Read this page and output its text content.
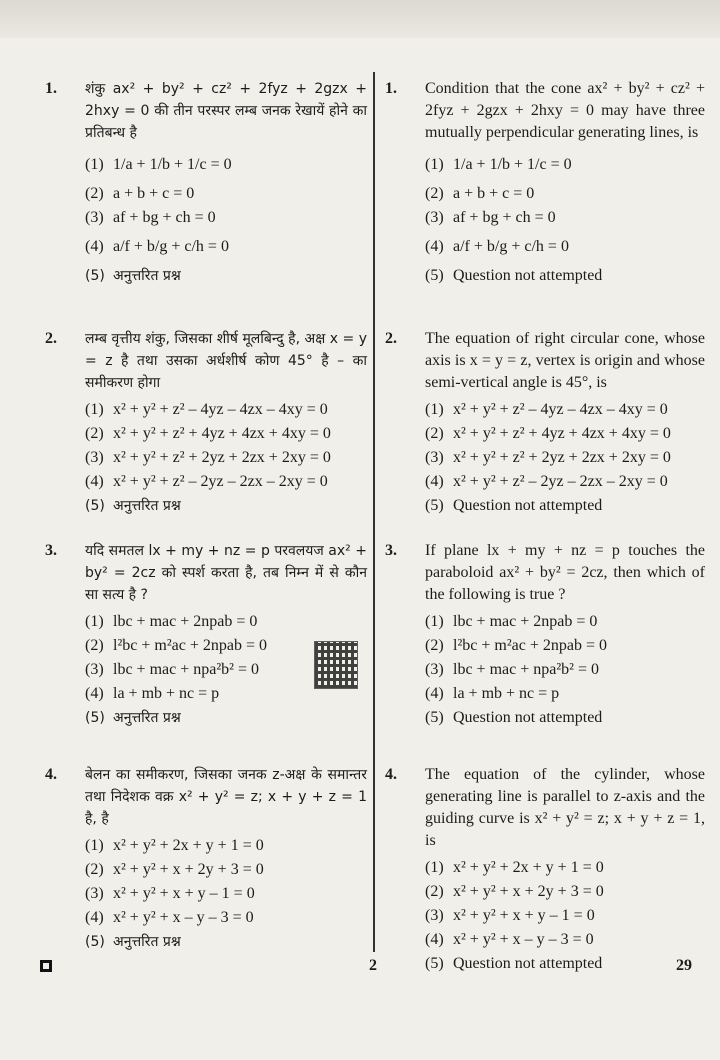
1.	शंकु ax² + by² + cz² + 2fyz + 2gzx + 2hxy = 0 की तीन परस्पर लम्ब जनक रेखायें होने का प्रतिबन्ध है
(1) 1/a + 1/b + 1/c = 0
(2) a + b + c = 0
(3) af + bg + ch = 0
(4) a/f + b/g + c/h = 0
(5) अनुत्तरित प्रश्न
2.	लम्ब वृत्तीय शंकु, जिसका शीर्ष मूलबिन्दु है, अक्ष x = y = z है तथा उसका अर्धशीर्ष कोण 45° है – का समीकरण होगा
(1) x² + y² + z² – 4yz – 4zx – 4xy = 0
(2) x² + y² + z² + 4yz + 4zx + 4xy = 0
(3) x² + y² + z² + 2yz + 2zx + 2xy = 0
(4) x² + y² + z² – 2yz – 2zx – 2xy = 0
(5) अनुत्तरित प्रश्न
3.	यदि समतल lx + my + nz = p परवलयज ax² + by² = 2cz को स्पर्श करता है, तब निम्न में से कौन सा सत्य है ?
(1) lbc + mac + 2npab = 0
(2) l²bc + m²ac + 2npab = 0
(3) lbc + mac + npa²b² = 0
(4) la + mb + nc = p
(5) अनुत्तरित प्रश्न
4.	बेलन का समीकरण, जिसका जनक z-अक्ष के समान्तर तथा निदेशक वक्र x² + y² = z; x + y + z = 1 है, है
(1) x² + y² + 2x + y + 1 = 0
(2) x² + y² + x + 2y + 3 = 0
(3) x² + y² + x + y – 1 = 0
(4) x² + y² + x – y – 3 = 0
(5) अनुत्तरित प्रश्न
1.	Condition that the cone ax² + by² + cz² + 2fyz + 2gzx + 2hxy = 0 may have three mutually perpendicular generating lines, is
(1) 1/a + 1/b + 1/c = 0
(2) a + b + c = 0
(3) af + bg + ch = 0
(4) a/f + b/g + c/h = 0
(5) Question not attempted
2.	The equation of right circular cone, whose axis is x = y = z, vertex is origin and whose semi-vertical angle is 45°, is
(1) x² + y² + z² – 4yz – 4zx – 4xy = 0
(2) x² + y² + z² + 4yz + 4zx + 4xy = 0
(3) x² + y² + z² + 2yz + 2zx + 2xy = 0
(4) x² + y² + z² – 2yz – 2zx – 2xy = 0
(5) Question not attempted
3.	If plane lx + my + nz = p touches the paraboloid ax² + by² = 2cz, then which of the following is true ?
(1) lbc + mac + 2npab = 0
(2) l²bc + m²ac + 2npab = 0
(3) lbc + mac + npa²b² = 0
(4) la + mb + nc = p
(5) Question not attempted
4.	The equation of the cylinder, whose generating line is parallel to z-axis and the guiding curve is x² + y² = z; x + y + z = 1, is
(1) x² + y² + 2x + y + 1 = 0
(2) x² + y² + x + 2y + 3 = 0
(3) x² + y² + x + y – 1 = 0
(4) x² + y² + x – y – 3 = 0
(5) Question not attempted
2	29
